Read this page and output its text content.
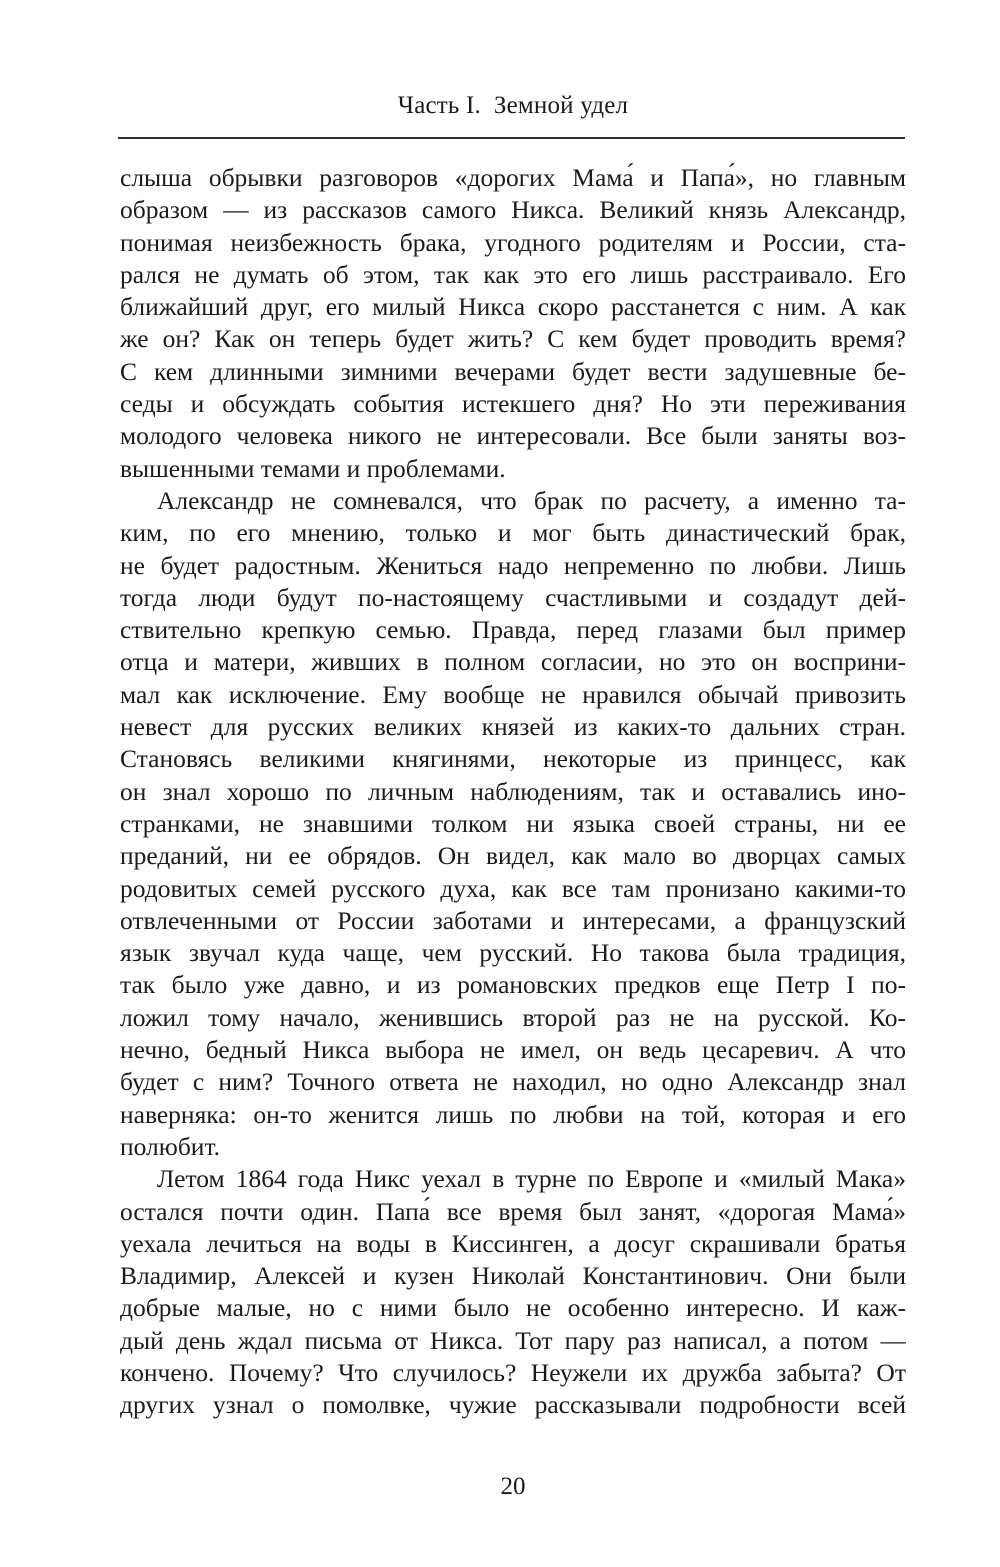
Часть I.  Земной удел
слыша обрывки разговоров «дорогих Мама́ и Папа́», но главным
образом — из рассказов самого Никса. Великий князь Александр,
понимая неизбежность брака, угодного родителям и России, ста-
рался не думать об этом, так как это его лишь расстраивало. Его
ближайший друг, его милый Никса скоро расстанется с ним. А как
же он? Как он теперь будет жить? С кем будет проводить время?
С кем длинными зимними вечерами будет вести задушевные бе-
седы и обсуждать события истекшего дня? Но эти переживания
молодого человека никого не интересовали. Все были заняты воз-
вышенными темами и проблемами.
Александр не сомневался, что брак по расчету, а именно та-
ким, по его мнению, только и мог быть династический брак,
не будет радостным. Жениться надо непременно по любви. Лишь
тогда люди будут по-настоящему счастливыми и создадут дей-
ствительно крепкую семью. Правда, перед глазами был пример
отца и матери, живших в полном согласии, но это он восприни-
мал как исключение. Ему вообще не нравился обычай привозить
невест для русских великих князей из каких-то дальних стран.
Становясь великими княгинями, некоторые из принцесс, как
он знал хорошо по личным наблюдениям, так и оставались ино-
странками, не знавшими толком ни языка своей страны, ни ее
преданий, ни ее обрядов. Он видел, как мало во дворцах самых
родовитых семей русского духа, как все там пронизано какими-то
отвлеченными от России заботами и интересами, а французский
язык звучал куда чаще, чем русский. Но такова была традиция,
так было уже давно, и из романовских предков еще Петр I по-
ложил тому начало, женившись второй раз не на русской. Ко-
нечно, бедный Никса выбора не имел, он ведь цесаревич. А что
будет с ним? Точного ответа не находил, но одно Александр знал
наверняка: он-то женится лишь по любви на той, которая и его
полюбит.
Летом 1864 года Никс уехал в турне по Европе и «милый Мака»
остался почти один. Папа́ все время был занят, «дорогая Мама́»
уехала лечиться на воды в Киссинген, а досуг скрашивали братья
Владимир, Алексей и кузен Николай Константинович. Они были
добрые малые, но с ними было не особенно интересно. И каж-
дый день ждал письма от Никса. Тот пару раз написал, а потом —
кончено. Почему? Что случилось? Неужели их дружба забыта? От
других узнал о помолвке, чужие рассказывали подробности всей
20
